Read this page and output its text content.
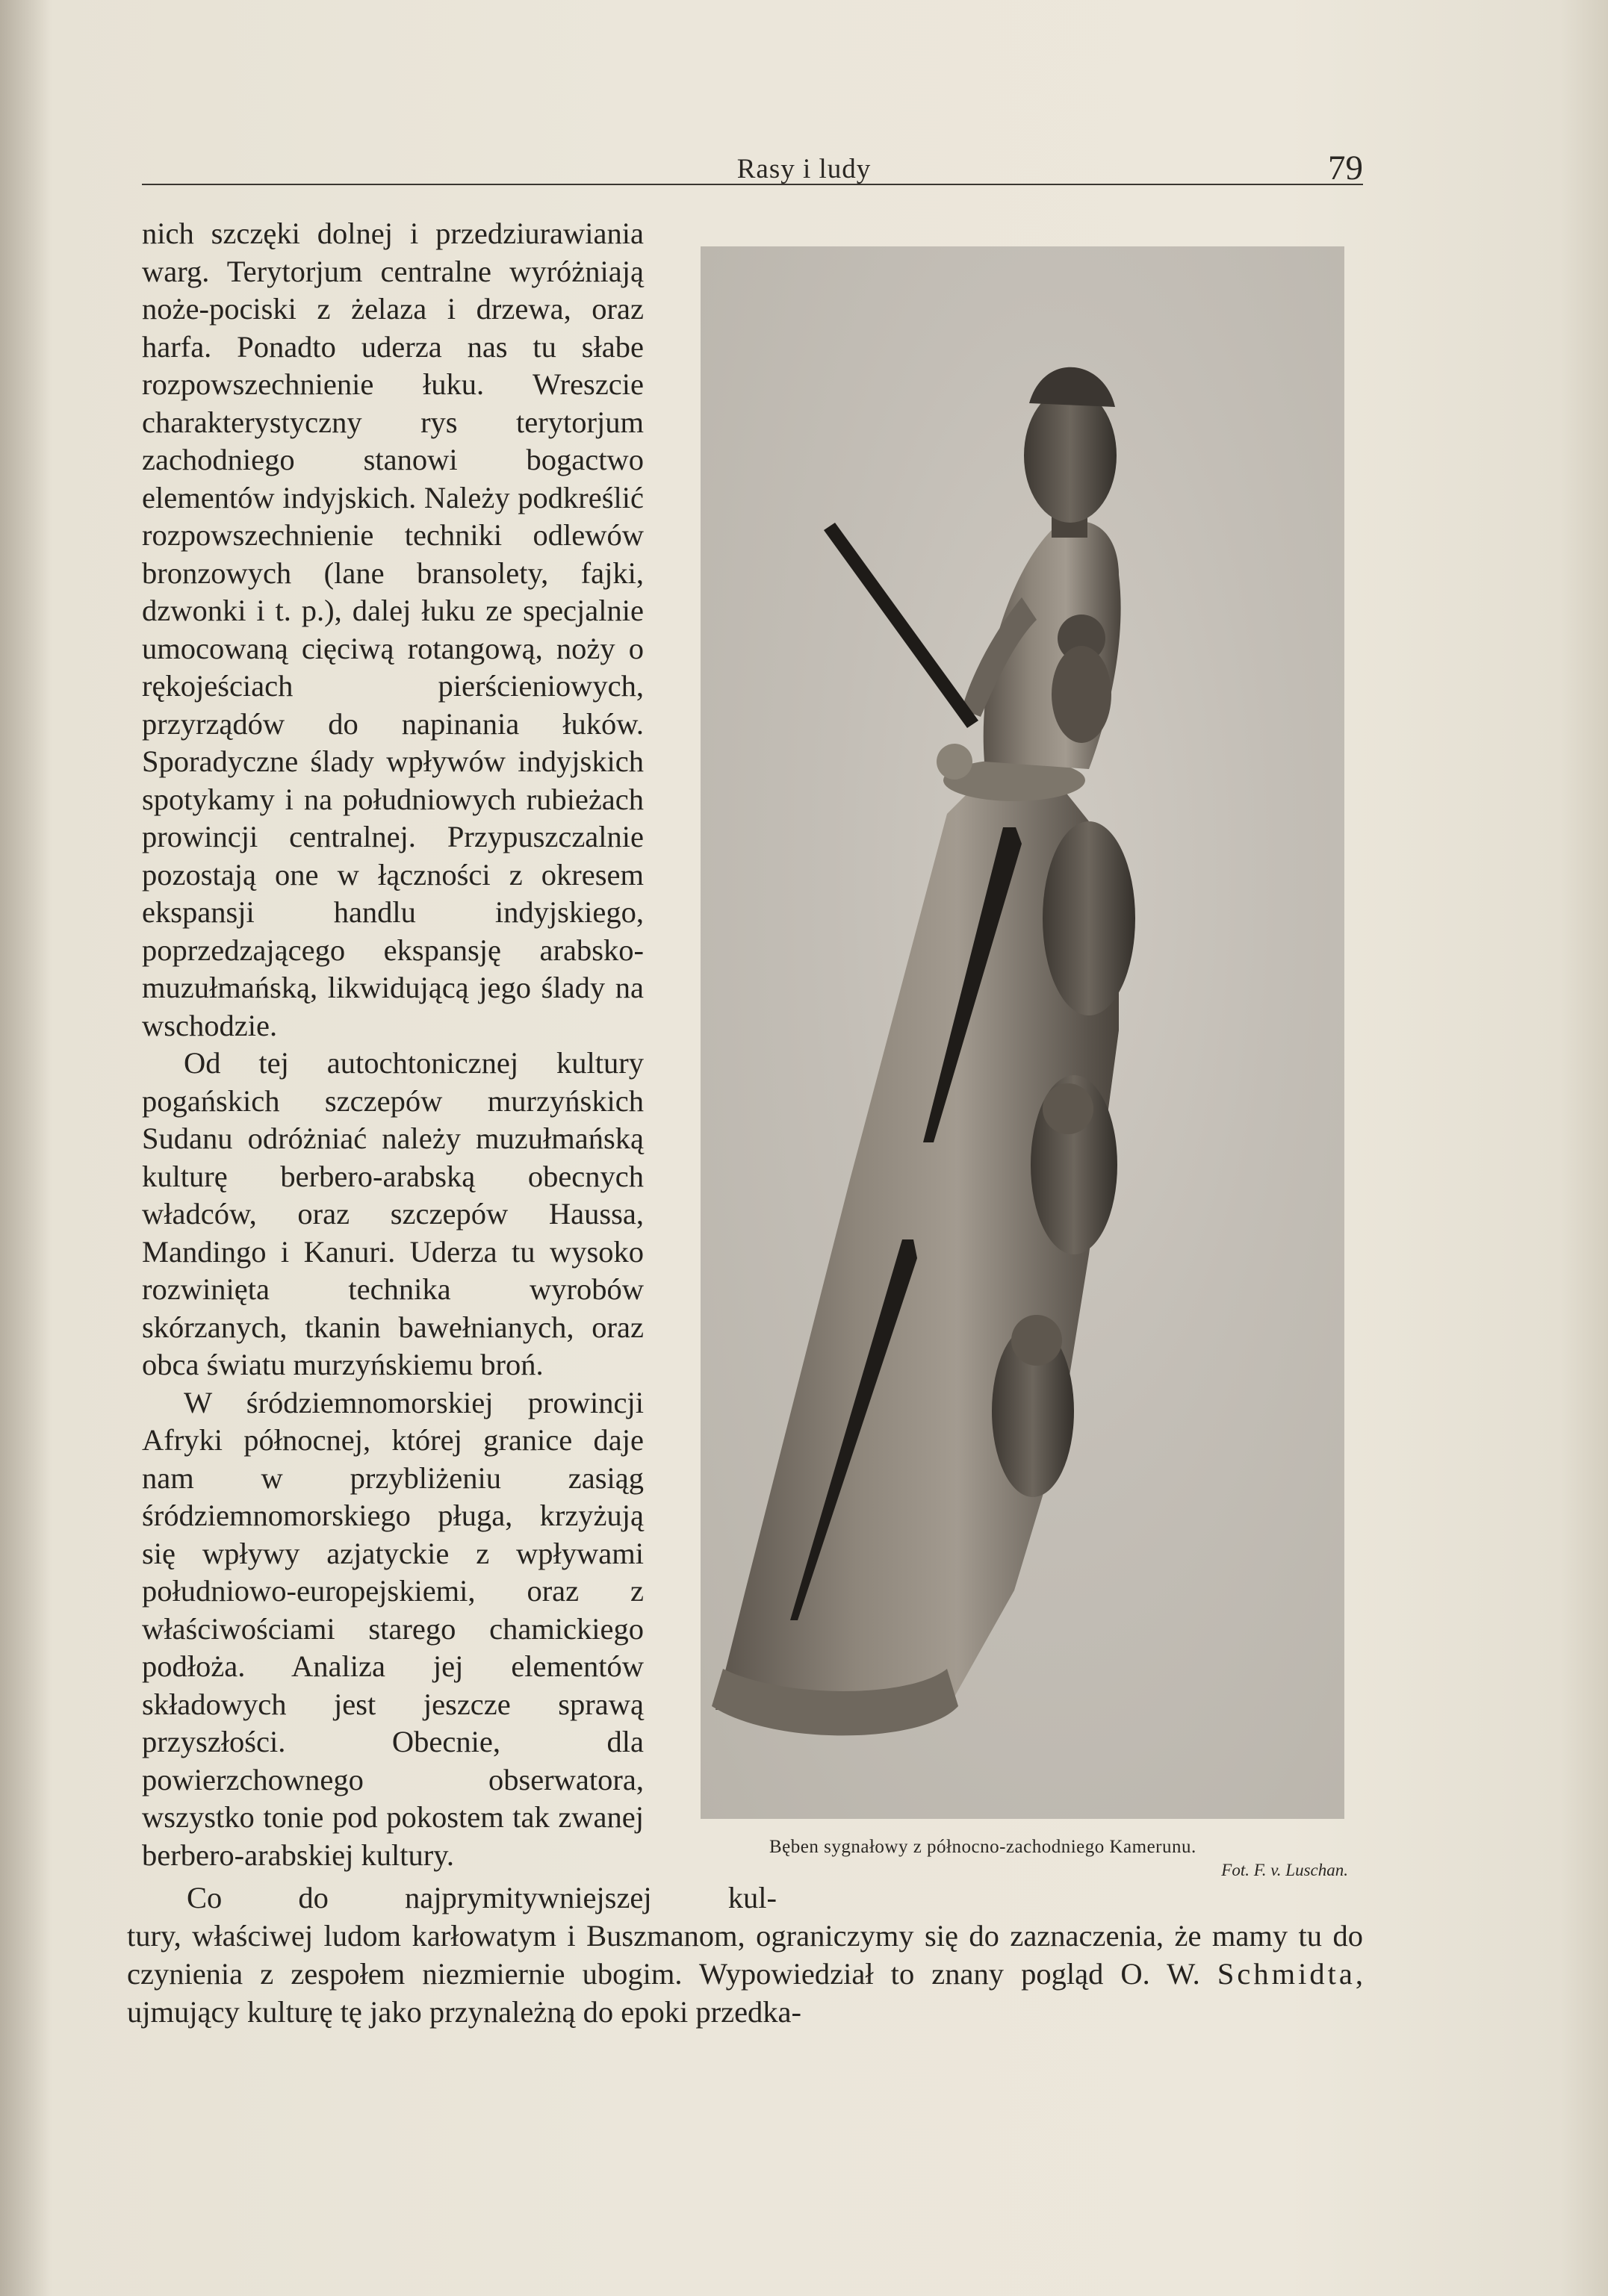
Rasy i ludy	79

nich szczęki dolnej i przedziurawiania warg. Terytorjum centralne wyróżniają noże-pociski z żelaza i drzewa, oraz harfa. Ponadto uderza nas tu słabe rozpowszechnienie łuku. Wreszcie charakterystyczny rys terytorjum zachodniego stanowi bogactwo elementów indyjskich. Należy podkreślić rozpowszechnienie techniki odlewów bronzowych (lane bransolety, fajki, dzwonki i t. p.), dalej łuku ze specjalnie umocowaną cięciwą rotangową, noży o rękojeściach pierścieniowych, przyrządów do napinania łuków. Sporadyczne ślady wpływów indyjskich spotykamy i na południowych rubieżach prowincji centralnej. Przypuszczalnie pozostają one w łączności z okresem ekspansji handlu indyjskiego, poprzedzającego ekspansję arabsko-muzułmańską, likwidującą jego ślady na wschodzie.

Od tej autochtonicznej kultury pogańskich szczepów murzyńskich Sudanu odróżniać należy muzułmańską kulturę berbero-arabską obecnych władców, oraz szczepów Haussa, Mandingo i Kanuri. Uderza tu wysoko rozwinięta technika wyrobów skórzanych, tkanin bawełnianych, oraz obca światu murzyńskiemu broń.

W śródziemnomorskiej prowincji Afryki północnej, której granice daje nam w przybliżeniu zasiąg śródziemnomorskiego pługa, krzyżują się wpływy azjatyckie z wpływami południowo-europejskiemi, oraz z właściwościami starego chamickiego podłoża. Analiza jej elementów składowych jest jeszcze sprawą przyszłości. Obecnie, dla powierzchownego obserwatora, wszystko tonie pod pokostem tak zwanej berbero-arabskiej kultury.	Bęben sygnałowy z północno-zachodniego Kamerunu.
Fot. F. v. Luschan.

Co do najprymitywniejszej kul-

tury, właściwej ludom karłowatym i Buszmanom, ograniczymy się do zaznaczenia, że mamy tu do czynienia z zespołem niezmiernie ubogim. Wypowiedział to znany pogląd O. W. Schmidta, ujmujący kulturę tę jako przynależną do epoki przedka-
